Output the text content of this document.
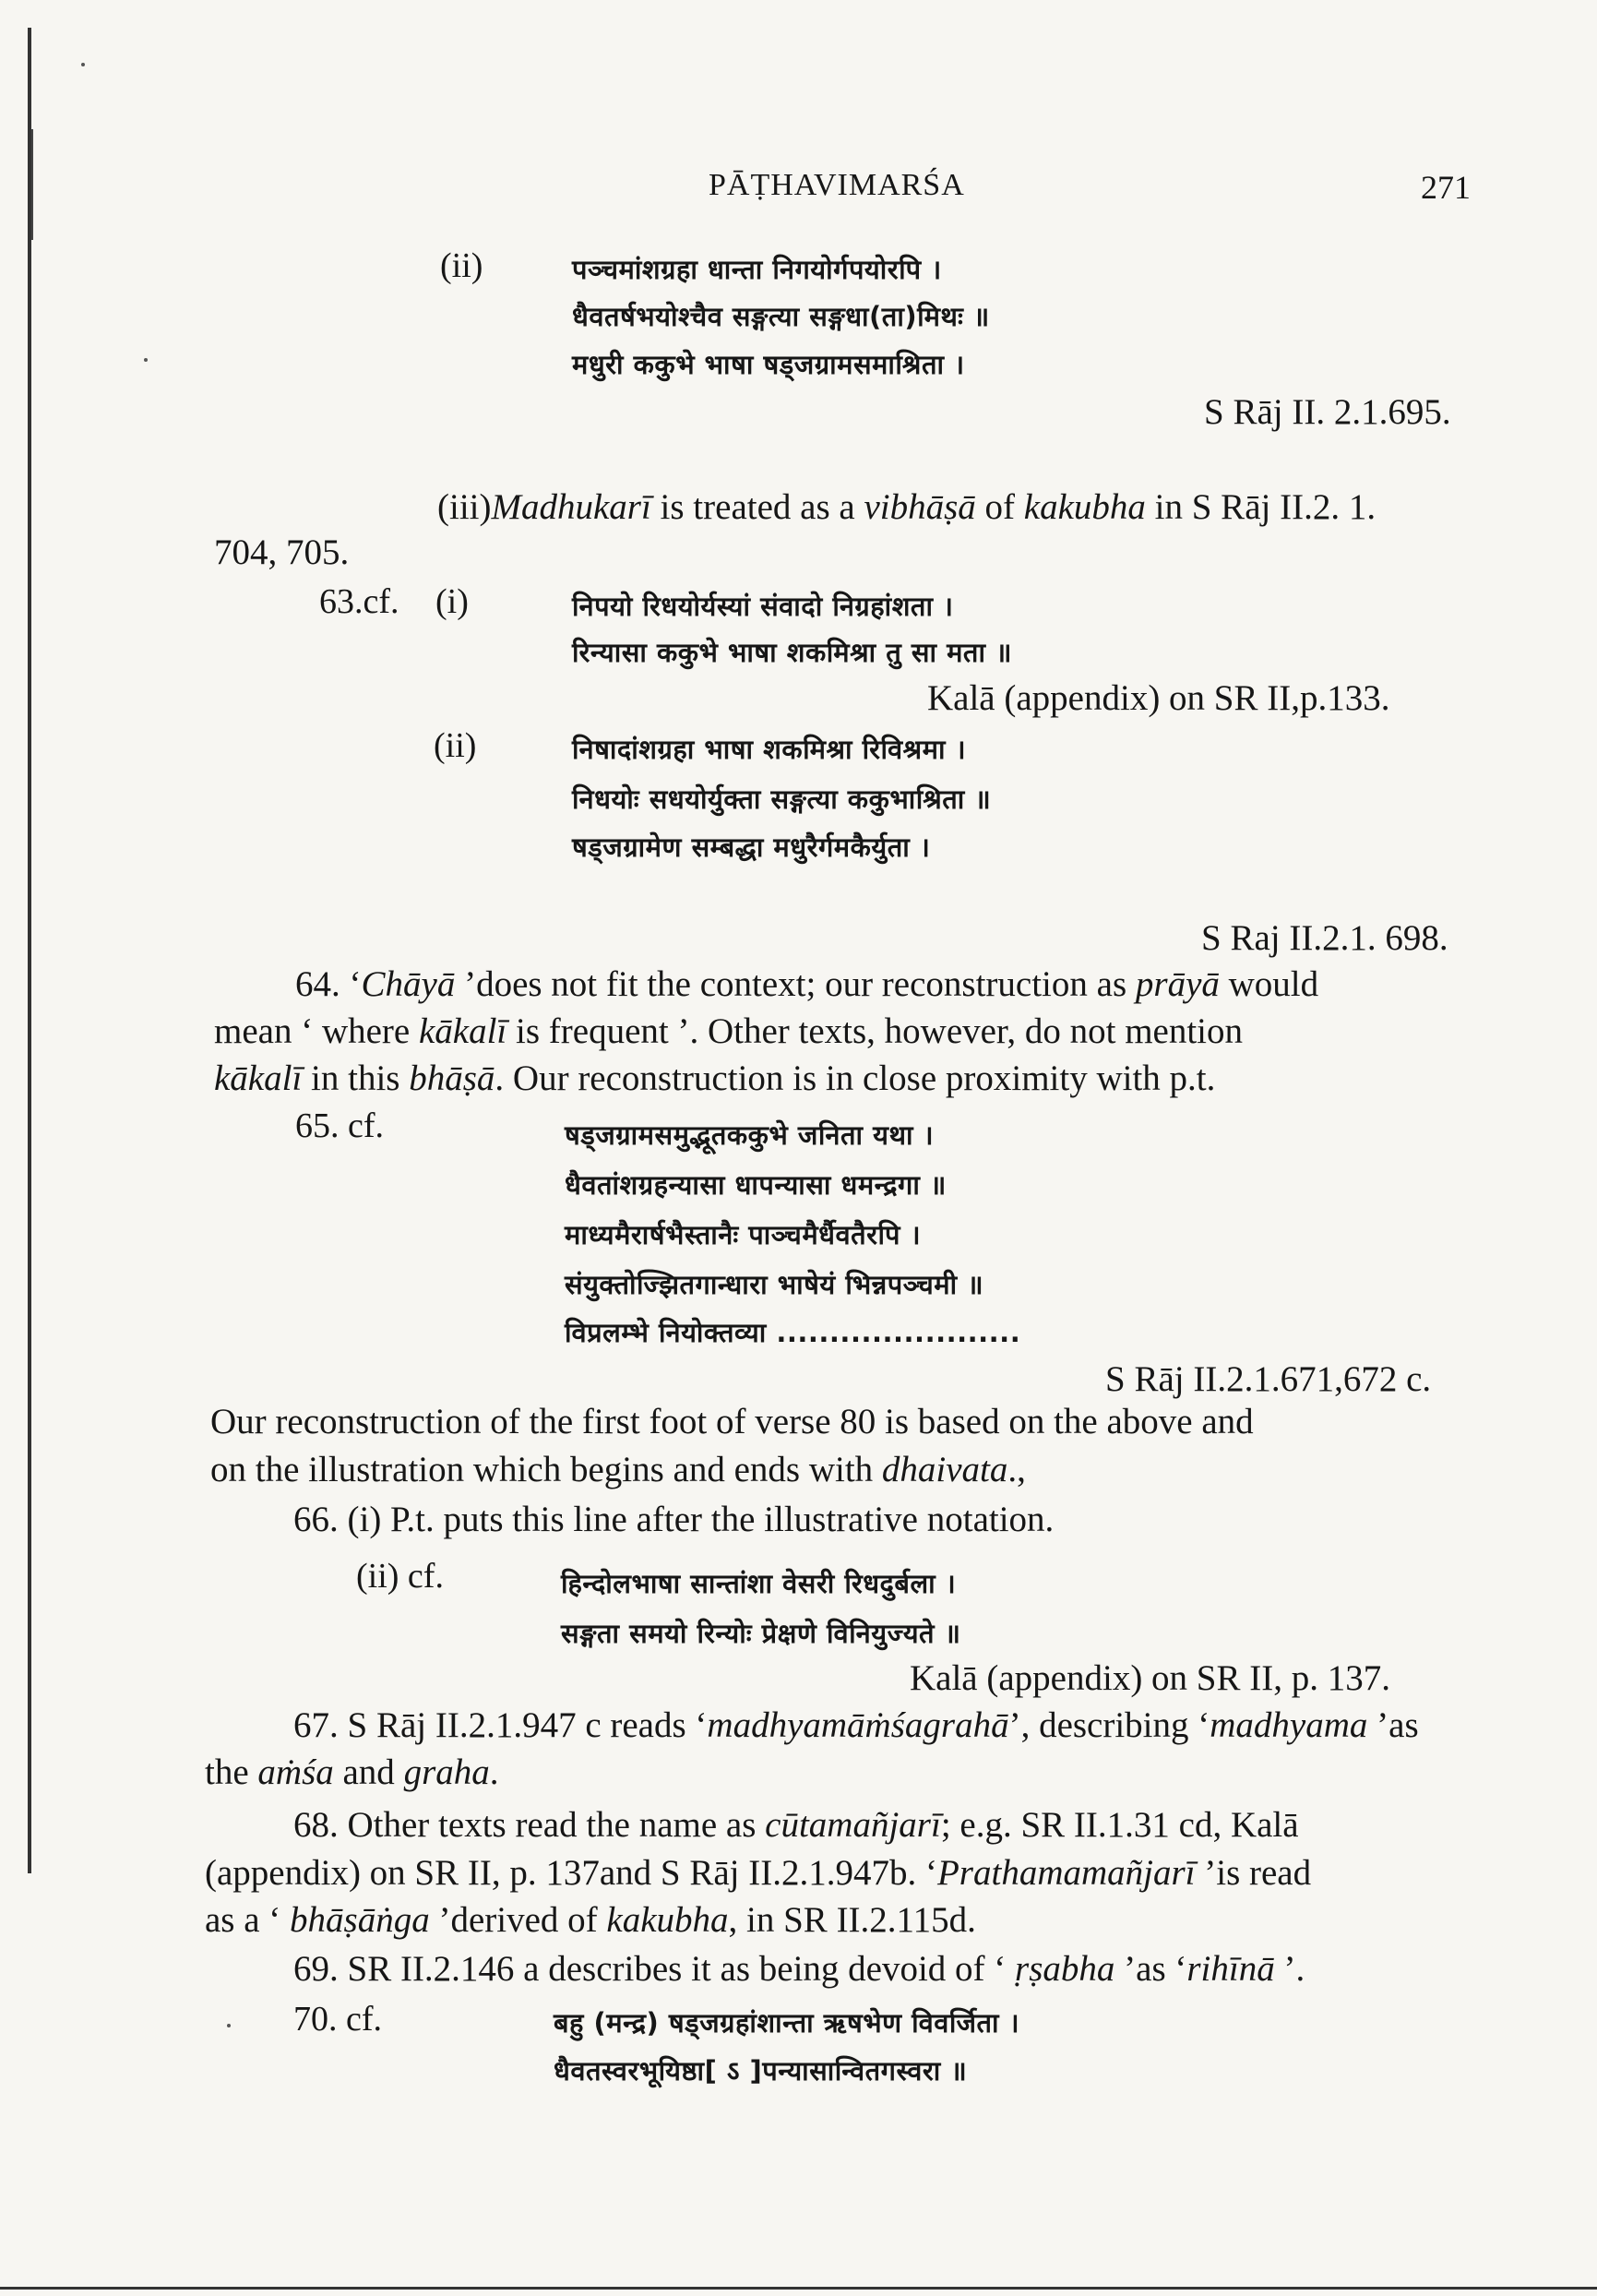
PĀṬHAVIMARŚA	271
(ii)	पञ्चमांशग्रहा धान्ता निगयोर्गपयोरपि ।
धैवतर्षभयोश्चैव सङ्गत्या सङ्गधा(ता)मिथः ॥
मधुरी ककुभे भाषा षड्जग्रामसमाश्रिता ।
S Rāj II. 2.1.695.
(iii)Madhukarī is treated as a vibhāṣā of kakubha in S Rāj II.2. 1.
704, 705.
63.cf. (i)	निपयो रिधयोर्यस्यां संवादो निग्रहांशता ।
रिन्यासा ककुभे भाषा शकमिश्रा तु सा मता ॥
Kalā (appendix) on SR II,p.133.
(ii)	निषादांशग्रहा भाषा शकमिश्रा रिविश्रमा ।
निधयोः सधयोर्युक्ता सङ्गत्या ककुभाश्रिता ॥
षड्जग्रामेण सम्बद्धा मधुरैर्गमकैर्युता ।
S Raj II.2.1. 698.
64. ‘Chāyā ’does not fit the context; our reconstruction as prāyā would
mean ‘ where kākalī is frequent ’. Other texts, however, do not mention
kākalī in this bhāṣā. Our reconstruction is in close proximity with p.t.
65. cf.	षड्जग्रामसमुद्भूतककुभे जनिता यथा ।
धैवतांशग्रहन्यासा धापन्यासा धमन्द्रगा ॥
माध्यमैरार्षभैस्तानैः पाञ्चमैर्धैवतैरपि ।
संयुक्तोज्झितगान्धारा भाषेयं भिन्नपञ्चमी ॥
विप्रलम्भे नियोक्तव्या .......................
S Rāj II.2.1.671,672 c.
Our reconstruction of the first foot of verse 80 is based on the above and
on the illustration which begins and ends with dhaivata.,
66. (i) P.t. puts this line after the illustrative notation.
(ii) cf.	हिन्दोलभाषा सान्तांशा वेसरी रिधदुर्बला ।
सङ्गता समयो रिन्योः प्रेक्षणे विनियुज्यते ॥
Kalā (appendix) on SR II, p. 137.
67. S Rāj II.2.1.947 c reads ‘madhyamāṁśagrahā’, describing ‘madhyama ’as
the aṁśa and graha.
68. Other texts read the name as cūtamañjarī; e.g. SR II.1.31 cd, Kalā
(appendix) on SR II, p. 137and S Rāj II.2.1.947b. ‘Prathamamañjarī ’is read
as a ‘ bhāṣāṅga ’derived of kakubha, in SR II.2.115d.
69. SR II.2.146 a describes it as being devoid of ‘ ṛṣabha ’as ‘rihīnā ’.
70. cf.	बहु (मन्द्र) षड्जग्रहांशान्ता ऋषभेण विवर्जिता ।
धैवतस्वरभूयिष्ठा[ ऽ ]पन्यासान्वितगस्वरा ॥
